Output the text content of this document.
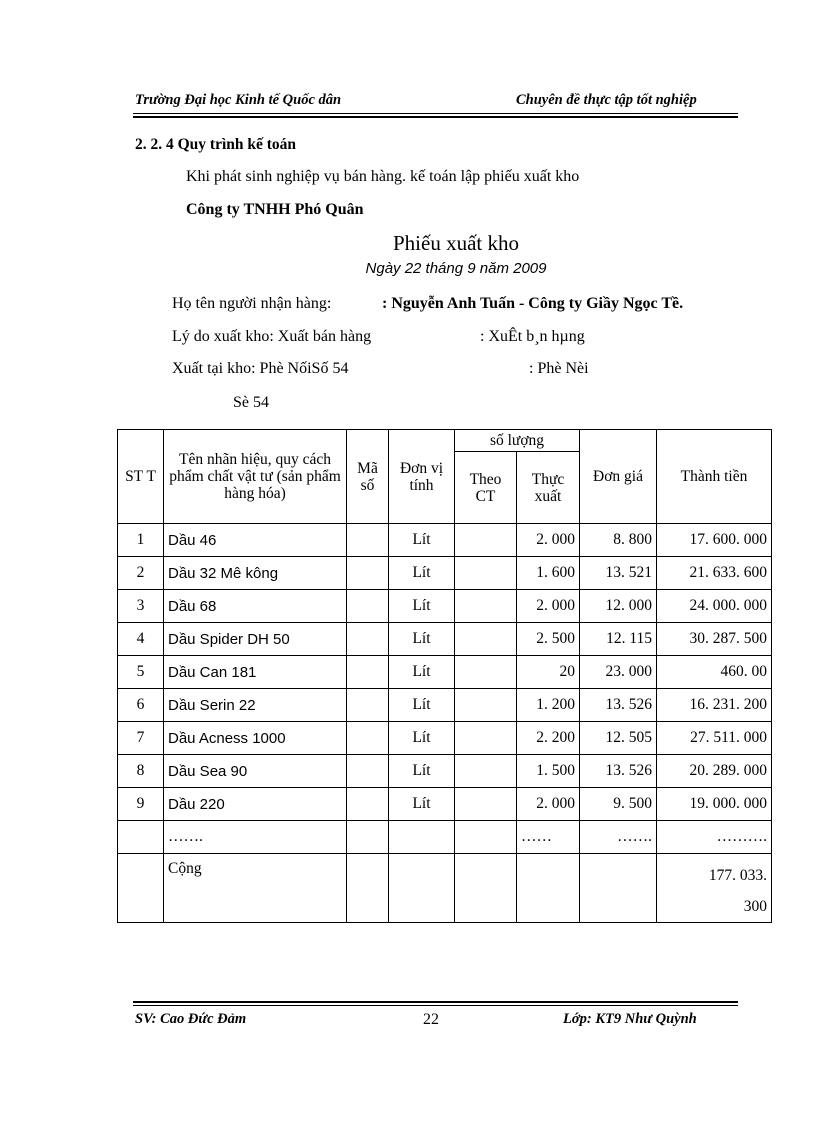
Trường Đại học Kinh tế Quốc dân	Chuyên đề thực tập tốt nghiệp
2. 2. 4 Quy trình kế toán
Khi phát sinh nghiệp vụ bán hàng. kế toán lập phiếu xuất kho
Công ty TNHH Phó Quân
Phiếu xuất kho
Ngày 22 tháng 9 năm 2009
Họ tên người nhận hàng:	: Nguyễn Anh Tuấn - Công ty Giầy Ngọc Tề.
Lý do xuất kho: Xuất bán hàng	: XuÊt b¸n hµng
Xuất tại kho: Phè NốiSố 54	: Phè Nèi
Sè 54
ST T	Tên nhãn hiệu, quy cách phẩm chất vật tư (sản phẩm hàng hóa)	Mã số	Đơn vị tính	số lượng		Đơn giá	Thành tiền
				Theo CT	Thực xuất		
1	Dầu 46		Lít		2. 000	8. 800	17. 600. 000
2	Dầu 32 Mê kông		Lít		1. 600	13. 521	21. 633. 600
3	Dầu 68		Lít		2. 000	12. 000	24. 000. 000
4	Dầu Spider DH 50		Lít		2. 500	12. 115	30. 287. 500
5	Dầu Can 181		Lít		20	23. 000	460. 00
6	Dầu Serin 22		Lít		1. 200	13. 526	16. 231. 200
7	Dầu Acness 1000		Lít		2. 200	12. 505	27. 511. 000
8	Dầu Sea 90		Lít		1. 500	13. 526	20. 289. 000
9	Dầu 220		Lít		2. 000	9. 500	19. 000. 000
	…….				……	…….	……….
	Cộng						177. 033.
300
SV: Cao Đức Đảm	22	Lớp: KT9 Như Quỳnh
